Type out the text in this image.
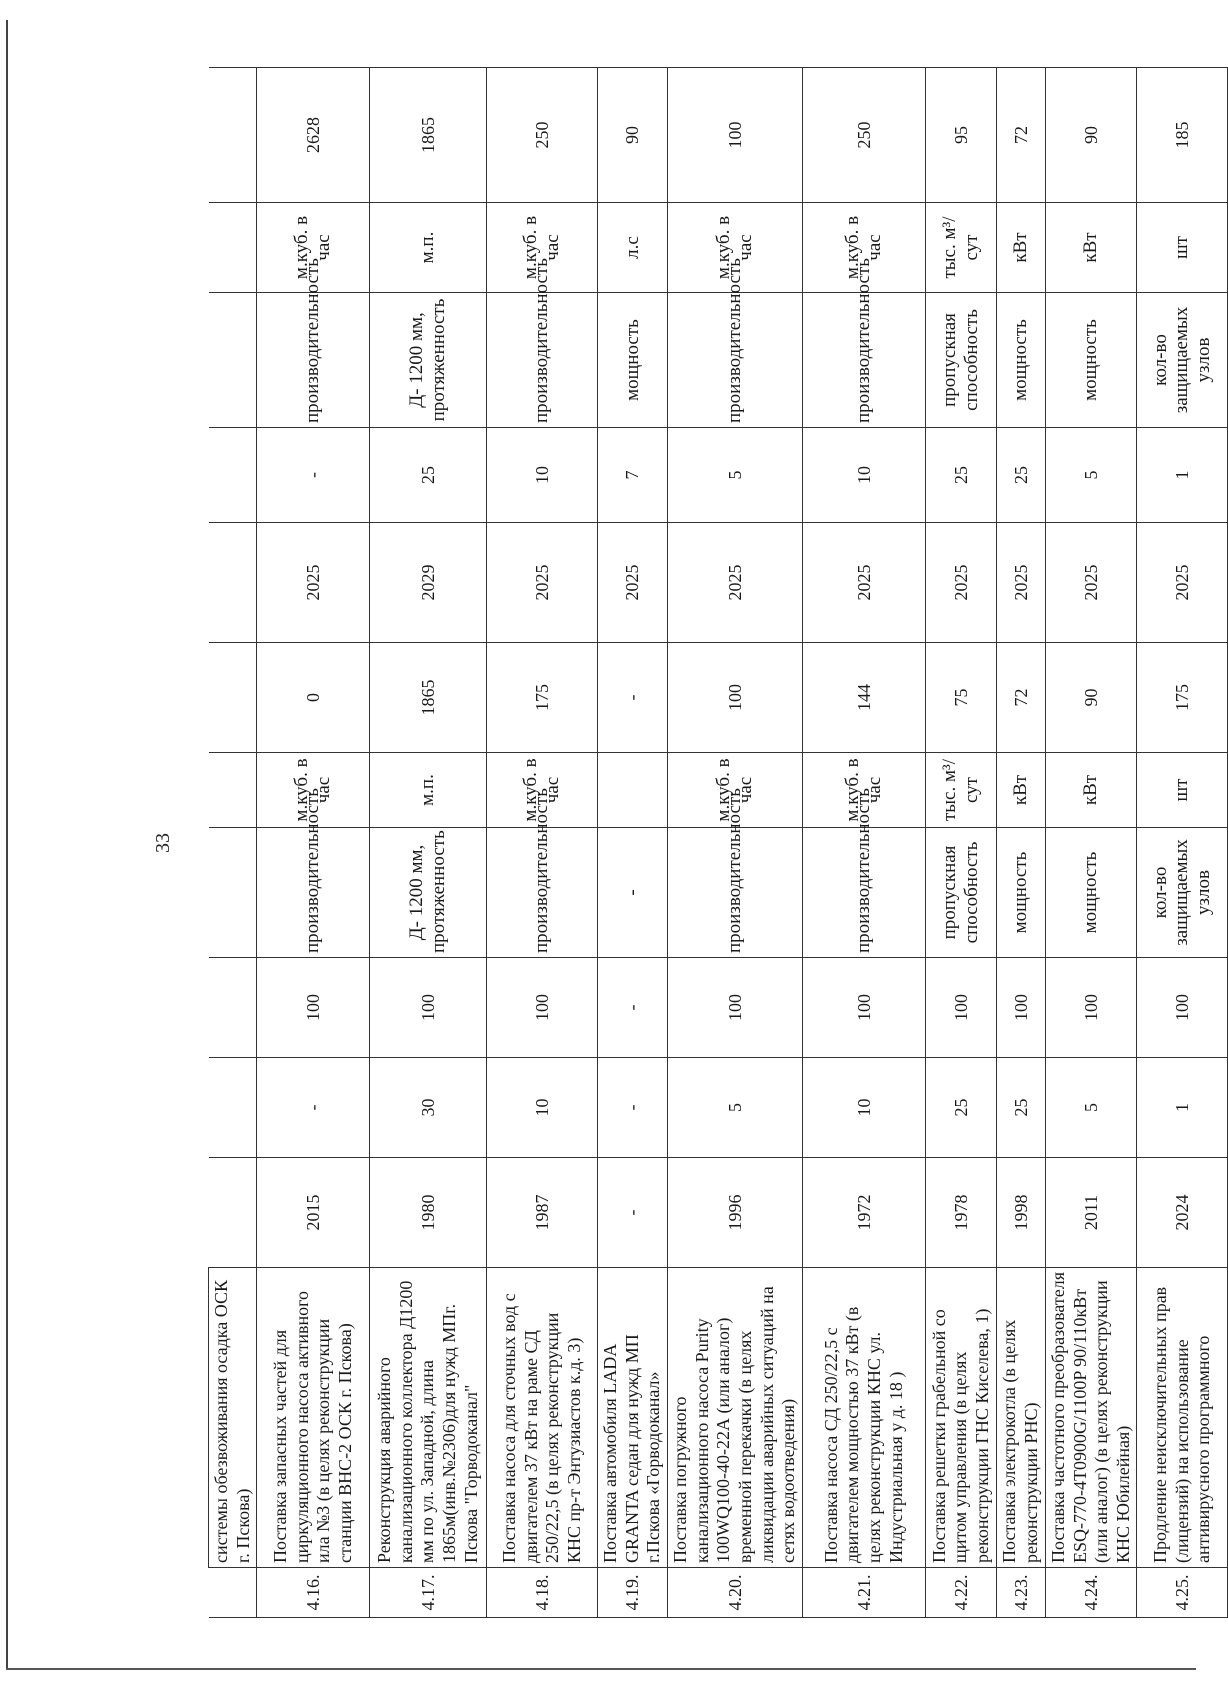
33
	системы обезвоживания осадка ОСК г. Пскова)											
4.16.	Поставка запасных частей для циркуляционного насоса активного ила №3 (в целях реконструкции станции ВНС-2 ОСК г. Пскова)	2015	-	100	производительность	м.куб. в час	0	2025	-	производительность	м.куб. в час	2628
4.17.	Реконструкция аварийного канализационного коллектора Д1200 мм по ул. Западной, длина 1865м(инв.№2306)для нужд МПг. Пскова "Горводоканал"	1980	30	100	Д- 1200 мм, протяженность	м.п.	1865	2029	25	Д- 1200 мм, протяженность	м.п.	1865
4.18.	Поставка насоса для сточных вод с двигателем 37 кВт на раме СД 250/22,5 (в целях реконструкции КНС пр-т Энтузиастов к.д. 3)	1987	10	100	производительность	м.куб. в час	175	2025	10	производительность	м.куб. в час	250
4.19.	Поставка автомобиля LADA GRANTA седан для нужд МП г.Пскова «Горводоканал»	-	-	-	-		-	2025	7	мощность	л.с	90
4.20.	Поставка погружного канализационного насоса Purity 100WQ100-40-22А (или аналог) временной перекачки (в целях ликвидации аварийных ситуаций на сетях водоотведения)	1996	5	100	производительность	м.куб. в час	100	2025	5	производительность	м.куб. в час	100
4.21.	Поставка насоса СД 250/22,5 с двигателем мощностью 37 кВт (в целях реконструкции КНС ул. Индустриальная у д. 18 )	1972	10	100	производительность	м.куб. в час	144	2025	10	производительность	м.куб. в час	250
4.22.	Поставка решетки грабельной со щитом управления (в целях реконструкции ГНС Киселева, 1)	1978	25	100	пропускная способность	тыс. м³/сут	75	2025	25	пропускная способность	тыс. м³/сут	95
4.23.	Поставка электрокотла (в целях реконструкции РНС)	1998	25	100	мощность	кВт	72	2025	25	мощность	кВт	72
4.24.	Поставка частотного преобразователя ESQ-770-4T0900G/1100P 90/110кВт (или аналог) (в целях реконструкции КНС Юбилейная)	2011	5	100	мощность	кВт	90	2025	5	мощность	кВт	90
4.25.	Продление неисключительных прав (лицензий) на использование антивирусного программного	2024	1	100	кол-во защищаемых узлов	шт	175	2025	1	кол-во защищаемых узлов	шт	185
